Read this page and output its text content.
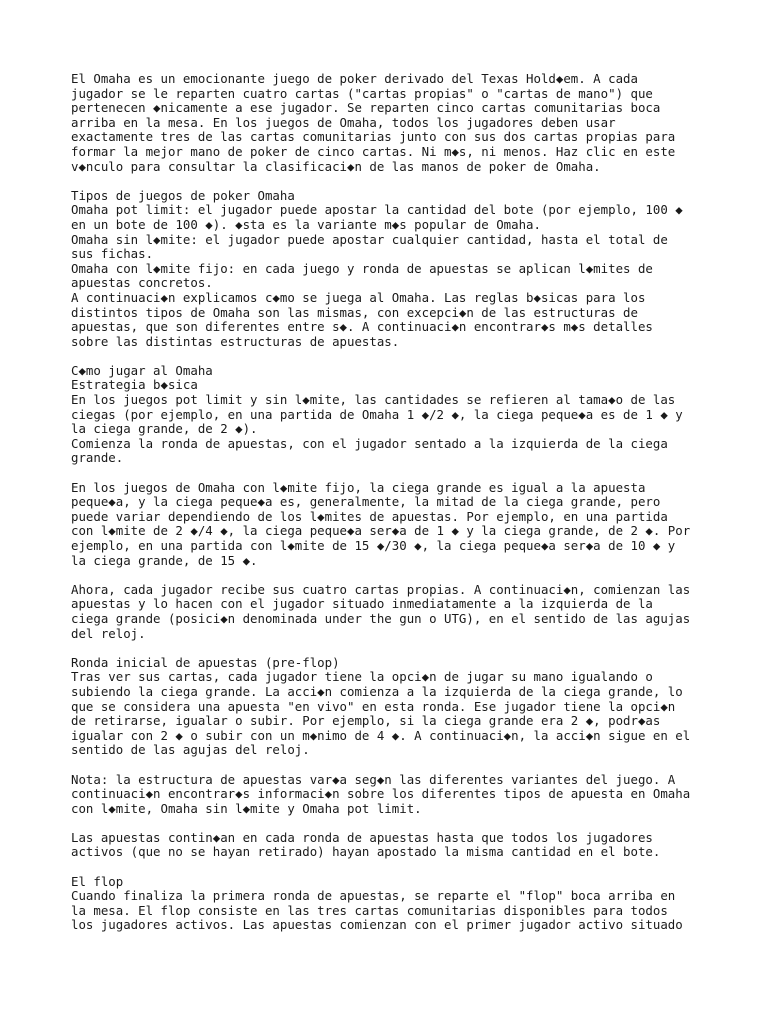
El Omaha es un emocionante juego de poker derivado del Texas Hold◆em. A cada
jugador se le reparten cuatro cartas ("cartas propias" o "cartas de mano") que
pertenecen ◆nicamente a ese jugador. Se reparten cinco cartas comunitarias boca
arriba en la mesa. En los juegos de Omaha, todos los jugadores deben usar
exactamente tres de las cartas comunitarias junto con sus dos cartas propias para
formar la mejor mano de poker de cinco cartas. Ni m◆s, ni menos. Haz clic en este
v◆nculo para consultar la clasificaci◆n de las manos de poker de Omaha.
Tipos de juegos de poker Omaha
Omaha pot limit: el jugador puede apostar la cantidad del bote (por ejemplo, 100 ◆
en un bote de 100 ◆). ◆sta es la variante m◆s popular de Omaha.
Omaha sin l◆mite: el jugador puede apostar cualquier cantidad, hasta el total de
sus fichas.
Omaha con l◆mite fijo: en cada juego y ronda de apuestas se aplican l◆mites de
apuestas concretos.
A continuaci◆n explicamos c◆mo se juega al Omaha. Las reglas b◆sicas para los
distintos tipos de Omaha son las mismas, con excepci◆n de las estructuras de
apuestas, que son diferentes entre s◆. A continuaci◆n encontrar◆s m◆s detalles
sobre las distintas estructuras de apuestas.
C◆mo jugar al Omaha
Estrategia b◆sica
En los juegos pot limit y sin l◆mite, las cantidades se refieren al tama◆o de las
ciegas (por ejemplo, en una partida de Omaha 1 ◆/2 ◆, la ciega peque◆a es de 1 ◆ y
la ciega grande, de 2 ◆).
Comienza la ronda de apuestas, con el jugador sentado a la izquierda de la ciega
grande.
En los juegos de Omaha con l◆mite fijo, la ciega grande es igual a la apuesta
peque◆a, y la ciega peque◆a es, generalmente, la mitad de la ciega grande, pero
puede variar dependiendo de los l◆mites de apuestas. Por ejemplo, en una partida
con l◆mite de 2 ◆/4 ◆, la ciega peque◆a ser◆a de 1 ◆ y la ciega grande, de 2 ◆. Por
ejemplo, en una partida con l◆mite de 15 ◆/30 ◆, la ciega peque◆a ser◆a de 10 ◆ y
la ciega grande, de 15 ◆.
Ahora, cada jugador recibe sus cuatro cartas propias. A continuaci◆n, comienzan las
apuestas y lo hacen con el jugador situado inmediatamente a la izquierda de la
ciega grande (posici◆n denominada under the gun o UTG), en el sentido de las agujas
del reloj.
Ronda inicial de apuestas (pre-flop)
Tras ver sus cartas, cada jugador tiene la opci◆n de jugar su mano igualando o
subiendo la ciega grande. La acci◆n comienza a la izquierda de la ciega grande, lo
que se considera una apuesta "en vivo" en esta ronda. Ese jugador tiene la opci◆n
de retirarse, igualar o subir. Por ejemplo, si la ciega grande era 2 ◆, podr◆as
igualar con 2 ◆ o subir con un m◆nimo de 4 ◆. A continuaci◆n, la acci◆n sigue en el
sentido de las agujas del reloj.
Nota: la estructura de apuestas var◆a seg◆n las diferentes variantes del juego. A
continuaci◆n encontrar◆s informaci◆n sobre los diferentes tipos de apuesta en Omaha
con l◆mite, Omaha sin l◆mite y Omaha pot limit.
Las apuestas contin◆an en cada ronda de apuestas hasta que todos los jugadores
activos (que no se hayan retirado) hayan apostado la misma cantidad en el bote.
El flop
Cuando finaliza la primera ronda de apuestas, se reparte el "flop" boca arriba en
la mesa. El flop consiste en las tres cartas comunitarias disponibles para todos
los jugadores activos. Las apuestas comienzan con el primer jugador activo situado
